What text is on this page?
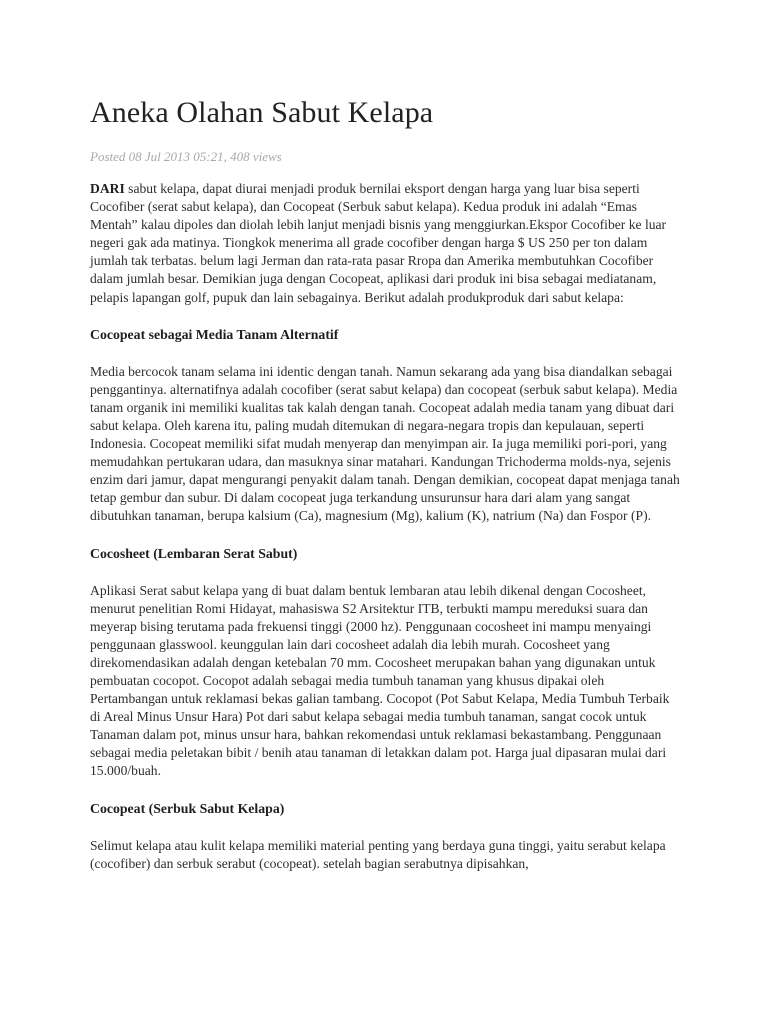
Aneka Olahan Sabut Kelapa
Posted 08 Jul 2013 05:21, 408 views

DARI sabut kelapa, dapat diurai menjadi produk bernilai eksport dengan harga yang luar bisa seperti Cocofiber (serat sabut kelapa), dan Cocopeat (Serbuk sabut kelapa). Kedua produk ini adalah “Emas Mentah” kalau dipoles dan diolah lebih lanjut menjadi bisnis yang menggiurkan.Ekspor Cocofiber ke luar negeri gak ada matinya. Tiongkok menerima all grade cocofiber dengan harga $ US 250 per ton dalam jumlah tak terbatas. belum lagi Jerman dan rata-rata pasar Rropa dan Amerika membutuhkan Cocofiber dalam jumlah besar. Demikian juga dengan Cocopeat, aplikasi dari produk ini bisa sebagai mediatanam, pelapis lapangan golf, pupuk dan lain sebagainya. Berikut adalah produkproduk dari sabut kelapa:

Cocopeat sebagai Media Tanam Alternatif

Media bercocok tanam selama ini identic dengan tanah. Namun sekarang ada yang bisa diandalkan sebagai penggantinya. alternatifnya adalah cocofiber (serat sabut kelapa) dan cocopeat (serbuk sabut kelapa). Media tanam organik ini memiliki kualitas tak kalah dengan tanah. Cocopeat adalah media tanam yang dibuat dari sabut kelapa. Oleh karena itu, paling mudah ditemukan di negara-negara tropis dan kepulauan, seperti Indonesia. Cocopeat memiliki sifat mudah menyerap dan menyimpan air. Ia juga memiliki pori-pori, yang memudahkan pertukaran udara, dan masuknya sinar matahari. Kandungan Trichoderma molds-nya, sejenis enzim dari jamur, dapat mengurangi penyakit dalam tanah. Dengan demikian, cocopeat dapat menjaga tanah tetap gembur dan subur. Di dalam cocopeat juga terkandung unsurunsur hara dari alam yang sangat dibutuhkan tanaman, berupa kalsium (Ca), magnesium (Mg), kalium (K), natrium (Na) dan Fospor (P).

Cocosheet (Lembaran Serat Sabut)

Aplikasi Serat sabut kelapa yang di buat dalam bentuk lembaran atau lebih dikenal dengan Cocosheet, menurut penelitian Romi Hidayat, mahasiswa S2 Arsitektur ITB, terbukti mampu mereduksi suara dan meyerap bising terutama pada frekuensi tinggi (2000 hz). Penggunaan cocosheet ini mampu menyaingi penggunaan glasswool. keunggulan lain dari cocosheet adalah dia lebih murah. Cocosheet yang direkomendasikan adalah dengan ketebalan 70 mm. Cocosheet merupakan bahan yang digunakan untuk pembuatan cocopot. Cocopot adalah sebagai media tumbuh tanaman yang khusus dipakai oleh Pertambangan untuk reklamasi bekas galian tambang. Cocopot (Pot Sabut Kelapa, Media Tumbuh Terbaik di Areal Minus Unsur Hara) Pot dari sabut kelapa sebagai media tumbuh tanaman, sangat cocok untuk Tanaman dalam pot, minus unsur hara, bahkan rekomendasi untuk reklamasi bekastambang. Penggunaan sebagai media peletakan bibit / benih atau tanaman di letakkan dalam pot. Harga jual dipasaran mulai dari 15.000/buah.

Cocopeat (Serbuk Sabut Kelapa)

Selimut kelapa atau kulit kelapa memiliki material penting yang berdaya guna tinggi, yaitu serabut kelapa (cocofiber) dan serbuk serabut (cocopeat). setelah bagian serabutnya dipisahkan,
